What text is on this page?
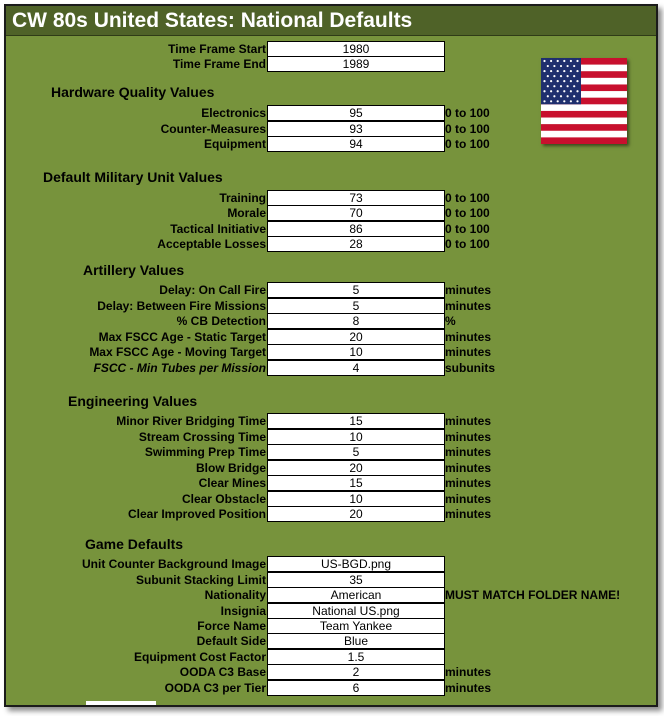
CW 80s United States: National Defaults
Time Frame Start	1980
Time Frame End	1989
Hardware Quality Values
Electronics	95	0 to 100
Counter-Measures	93	0 to 100
Equipment	94	0 to 100
Default Military Unit Values
Training	73	0 to 100
Morale	70	0 to 100
Tactical Initiative	86	0 to 100
Acceptable Losses	28	0 to 100
Artillery Values
Delay: On Call Fire	5	minutes
Delay: Between Fire Missions	5	minutes
% CB Detection	8	%
Max FSCC Age - Static Target	20	minutes
Max FSCC Age - Moving Target	10	minutes
FSCC - Min Tubes per Mission	4	subunits
Engineering Values
Minor River Bridging Time	15	minutes
Stream Crossing Time	10	minutes
Swimming Prep Time	5	minutes
Blow Bridge	20	minutes
Clear Mines	15	minutes
Clear Obstacle	10	minutes
Clear Improved Position	20	minutes
Game Defaults
Unit Counter Background Image	US-BGD.png
Subunit Stacking Limit	35
Nationality	American	MUST MATCH FOLDER NAME!
Insignia	National US.png
Force Name	Team Yankee
Default Side	Blue
Equipment Cost Factor	1.5
OODA C3 Base	2	minutes
OODA C3 per Tier	6	minutes
